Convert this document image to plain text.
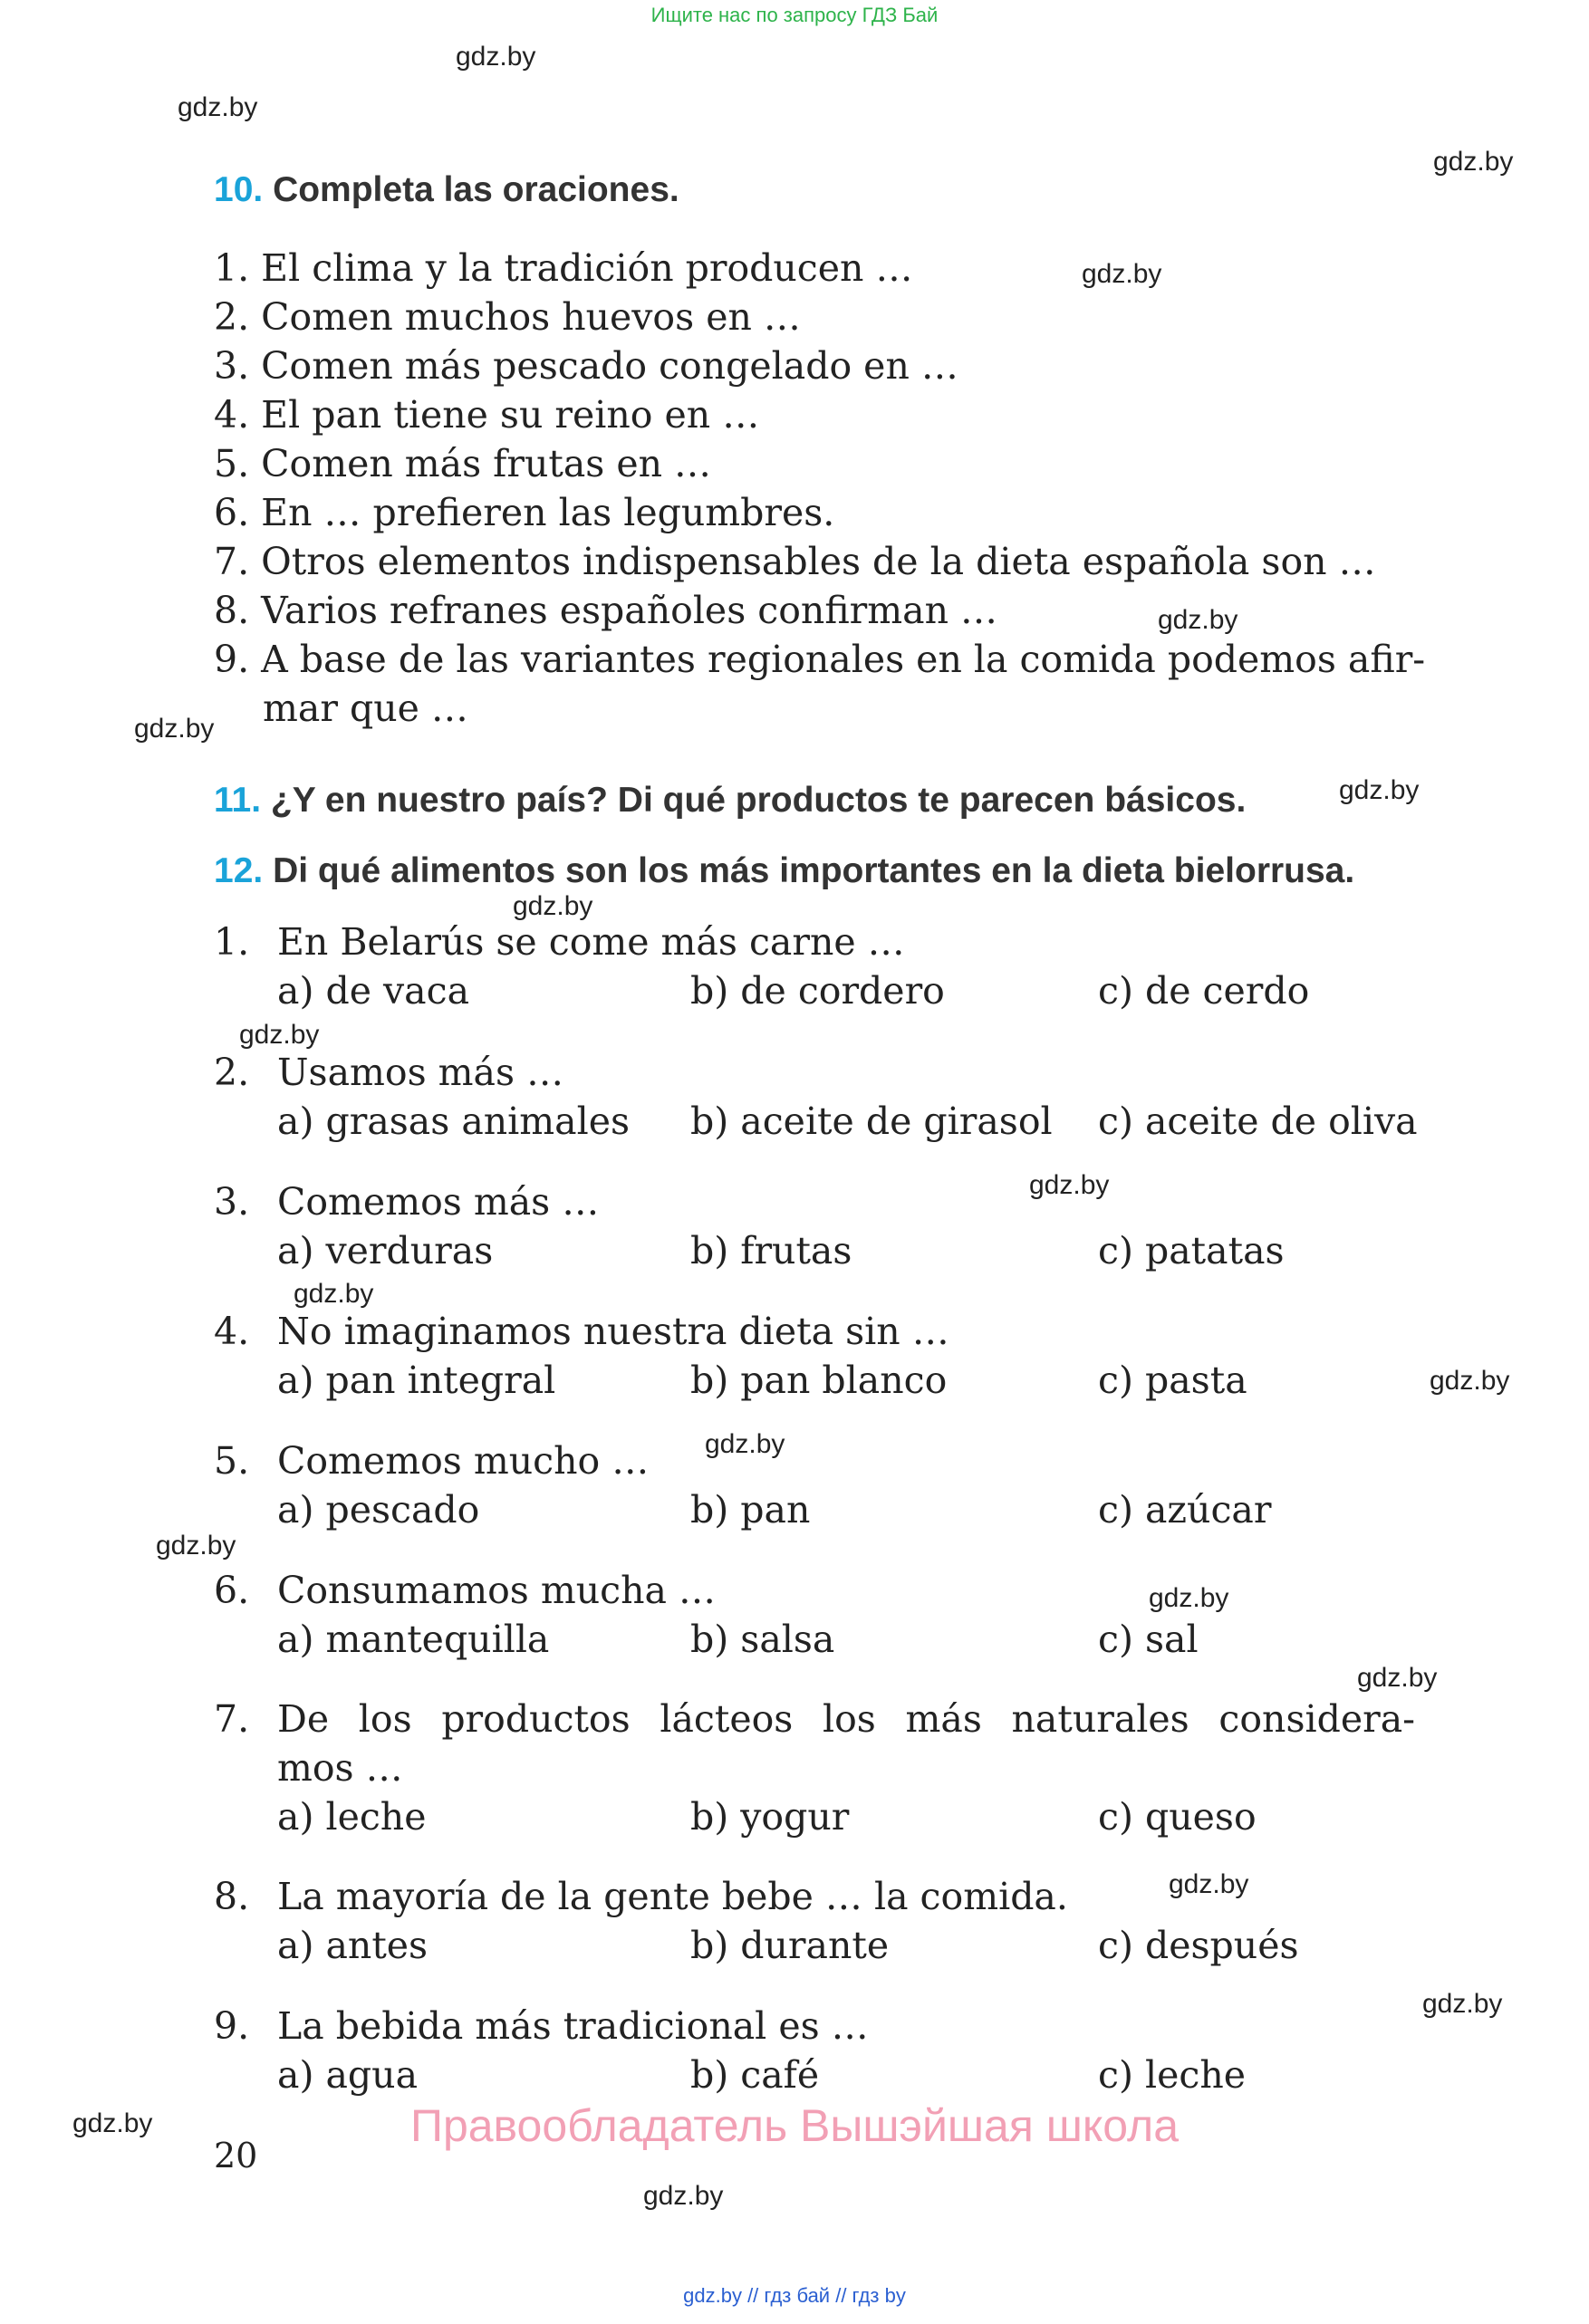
Ищите нас по запросу ГДЗ Бай
gdz.by
gdz.by
gdz.by
gdz.by
gdz.by
gdz.by
gdz.by
gdz.by
gdz.by
gdz.by
gdz.by
gdz.by
gdz.by
gdz.by
gdz.by
gdz.by
gdz.by
gdz.by
gdz.by
gdz.by
10. Completa las oraciones.
1. El clima y la tradición producen …
2. Comen muchos huevos en …
3. Comen más pescado congelado en …
4. El pan tiene su reino en …
5. Comen más frutas en …
6. En … prefieren las legumbres.
7. Otros elementos indispensables de la dieta española son …
8. Varios refranes españoles confirman …
9. A base de las variantes regionales en la comida podemos afir-
mar que …
11. ¿Y en nuestro país? Di qué productos te parecen básicos.
12. Di qué alimentos son los más importantes en la dieta bielorrusa.
1. En Belarús se come más carne …
a) de vaca	b) de cordero	c) de cerdo
2. Usamos más …
a) grasas animales b) aceite de girasol c) aceite de oliva
3. Comemos más …
a) verduras	b) frutas	c) patatas
4. No imaginamos nuestra dieta sin …
a) pan integral	b) pan blanco	c) pasta
5. Comemos mucho …
a) pescado	b) pan	c) azúcar
6. Consumamos mucha …
a) mantequilla	b) salsa	c) sal
7. De los productos lácteos los más naturales considera-
mos …
a) leche	b) yogur	c) queso
8. La mayoría de la gente bebe … la comida.
a) antes	b) durante	c) después
9. La bebida más tradicional es …
a) agua	b) café	c) leche
Правообладатель Вышэйшая школа
20
gdz.by // гдз бай // гдз by
